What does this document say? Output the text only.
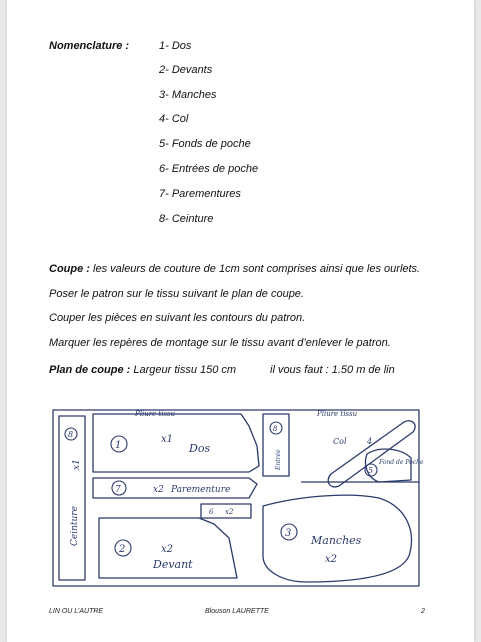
Nomenclature :	1- Dos
2- Devants
3- Manches
4- Col
5- Fonds de poche
6- Entrées de poche
7- Parementures
8- Ceinture
Coupe : les valeurs de couture de 1cm sont comprises ainsi que les ourlets.
Poser le patron sur le tissu suivant le plan de coupe.
Couper les pièces en suivant les contours du patron.
Marquer les repères de montage sur le tissu avant d’enlever le patron.
Plan de coupe : Largeur tissu 150 cm	il vous faut : 1.50 m de lin
Pliure tissu	Pliure tissu
8
Ceinture
x1
1
x1
Dos
7	x2 Parementure
6 x2
2	x2
Devant
8
Entrée
Col	4
5
Fond de Poche
3
Manches
x2
LIN OU L’AUTRE	Blouson LAURETTE	2
